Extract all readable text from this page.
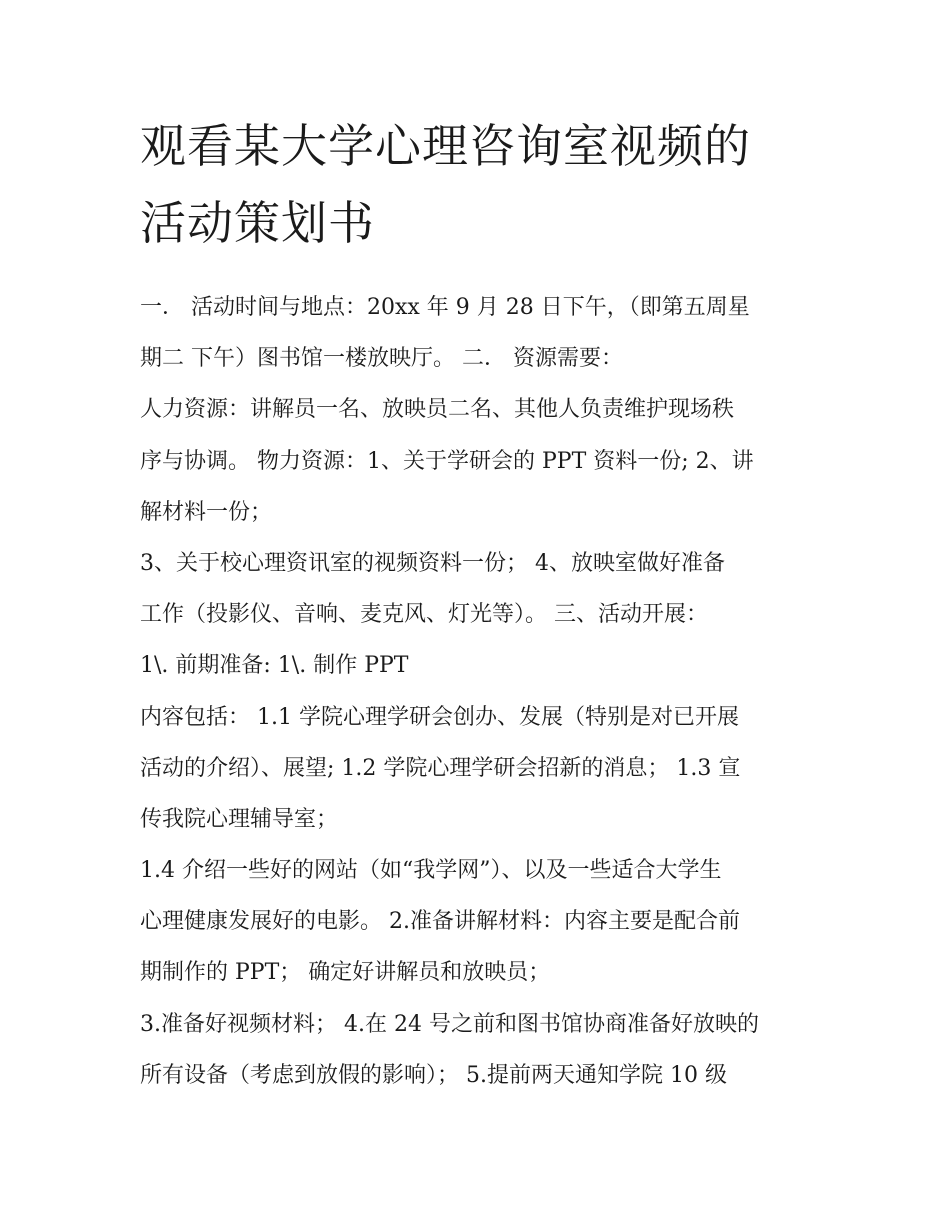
观看某大学心理咨询室视频的
活动策划书
一． 活动时间与地点：20xx 年 9 月 28 日下午，（即第五周星
期二 下午）图书馆一楼放映厅。 二． 资源需要：
人力资源：讲解员一名、放映员二名、其他人负责维护现场秩
序与协调。 物力资源：1、关于学研会的 PPT 资料一份; 2、讲
解材料一份；
3、关于校心理资讯室的视频资料一份； 4、放映室做好准备
工作（投影仪、音响、麦克风、灯光等）。 三、活动开展：
1\. 前期准备: 1\. 制作 PPT
内容包括： 1.1 学院心理学研会创办、发展（特别是对已开展
活动的介绍）、展望; 1.2 学院心理学研会招新的消息； 1.3 宣
传我院心理辅导室；
1.4 介绍一些好的网站（如“我学网”）、以及一些适合大学生
心理健康发展好的电影。 2.准备讲解材料：内容主要是配合前
期制作的 PPT； 确定好讲解员和放映员；
3.准备好视频材料； 4.在 24 号之前和图书馆协商准备好放映的
所有设备（考虑到放假的影响）； 5.提前两天通知学院 10 级
